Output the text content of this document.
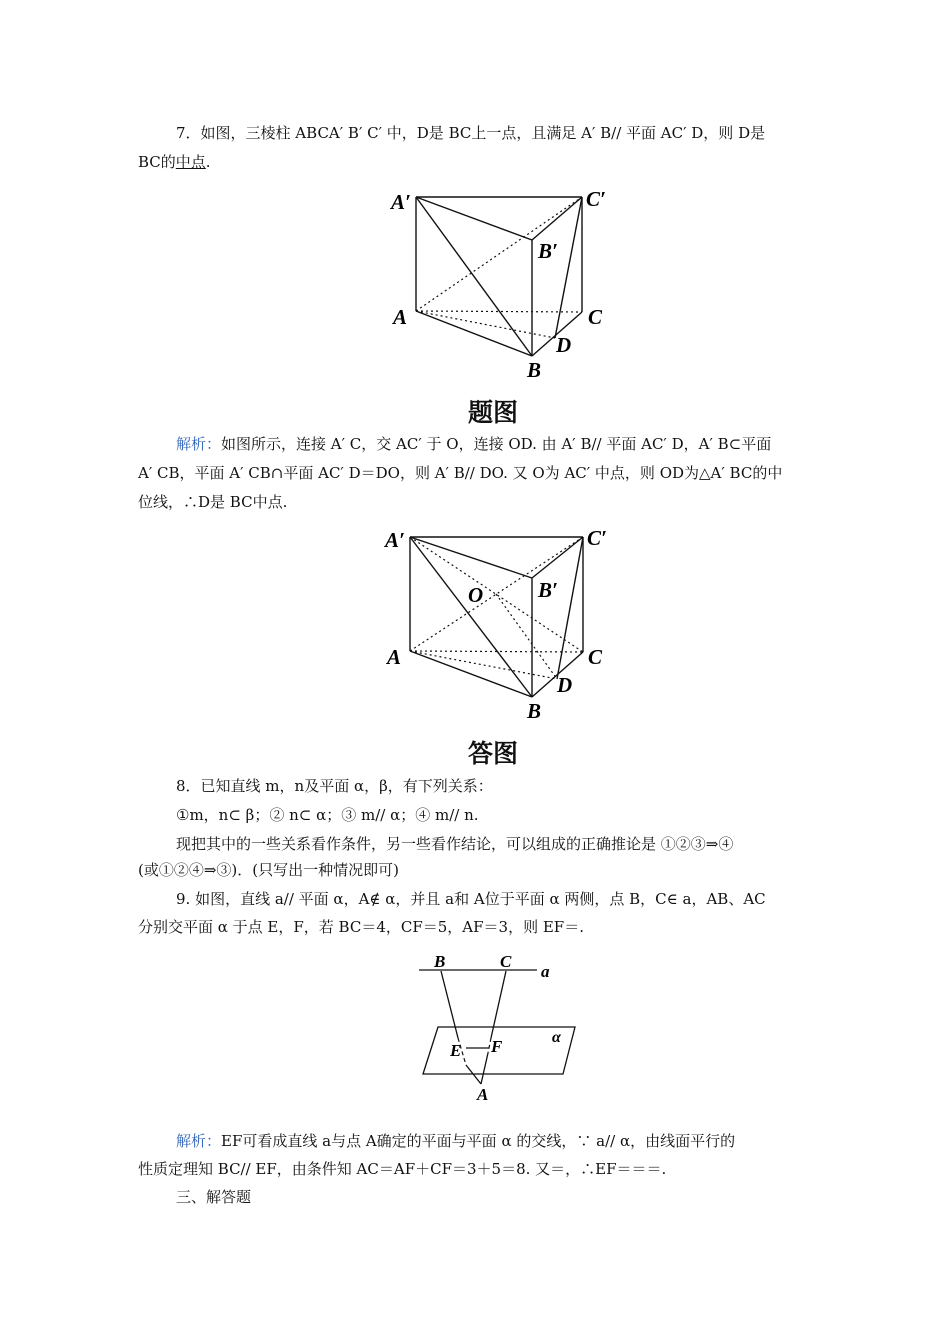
7．如图，三棱柱 ABCA′ B′ C′ 中，D是 BC上一点，且满足 A′ B// 平面 AC′ D，则 D是
BC的中点.
A′	C′
B′
A	C
D
B
题图
解析：如图所示，连接 A′ C，交 AC′ 于 O，连接 OD. 由 A′ B// 平面 AC′ D，A′ B⊂平面
A′ CB，平面 A′ CB∩平面 AC′ D＝DO，则 A′ B// DO. 又 O为 AC′ 中点，则 OD为△A′ BC的中
位线，∴D是 BC中点.
A′	C′
B′
O
A	C
D
B
答图
8．已知直线 m，n及平面 α，β，有下列关系：
①m，n⊂ β；② n⊂ α；③ m// α；④ m// n.
现把其中的一些关系看作条件，另一些看作结论，可以组成的正确推论是 ①②③⇒④
(或①②④⇒③)．(只写出一种情况即可)
9. 如图，直线 a// 平面 α，A∉ α，并且 a和 A位于平面 α 两侧，点 B，C∈ a，AB、AC
分别交平面 α 于点 E，F，若 BC＝4，CF＝5，AF＝3，则 EF＝.
B	C
a
α
E F
A
解析：EF可看成直线 a与点 A确定的平面与平面 α 的交线，∵ a// α，由线面平行的
性质定理知 BC// EF，由条件知 AC＝AF＋CF＝3＋5＝8. 又＝，∴EF＝＝＝.
三、解答题
